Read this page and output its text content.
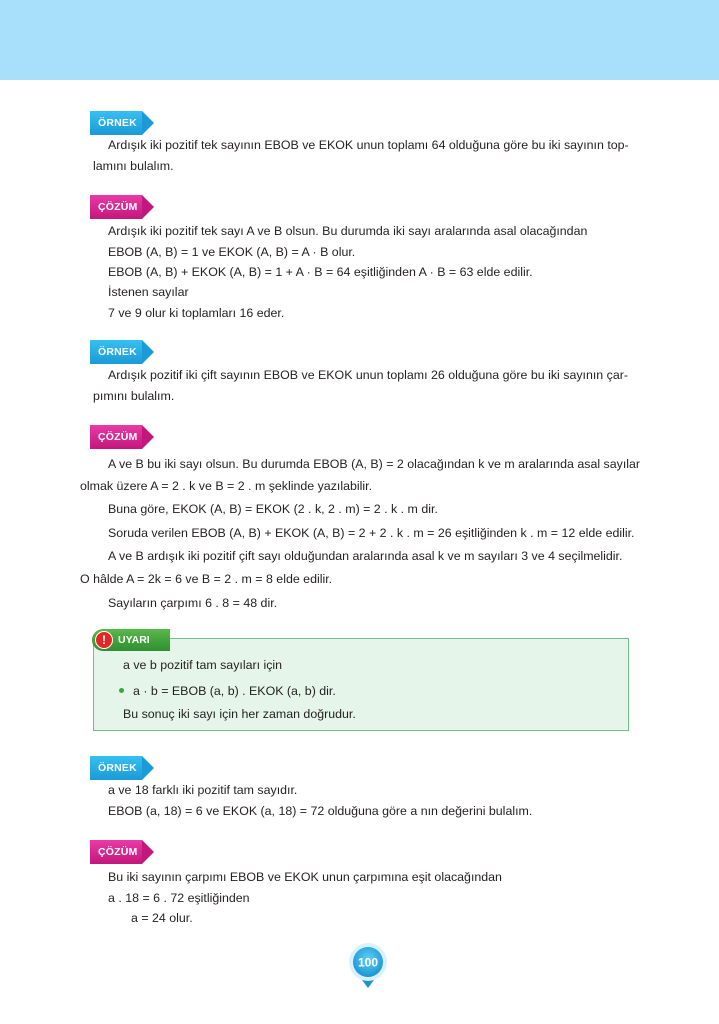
ÖRNEK
Ardışık iki pozitif tek sayının EBOB ve EKOK unun toplamı 64 olduğuna göre bu iki sayının top-
lamını bulalım.
ÇÖZÜM
Ardışık iki pozitif tek sayı A ve B olsun. Bu durumda iki sayı aralarında asal olacağından
EBOB (A, B) = 1 ve EKOK (A, B) = A · B olur.
EBOB (A, B) + EKOK (A, B) = 1 + A · B = 64 eşitliğinden A · B = 63 elde edilir.
İstenen sayılar
7 ve 9 olur ki toplamları 16 eder.
ÖRNEK
Ardışık pozitif iki çift sayının EBOB ve EKOK unun toplamı 26 olduğuna göre bu iki sayının çar-
pımını bulalım.
ÇÖZÜM
A ve B bu iki sayı olsun. Bu durumda EBOB (A, B) = 2 olacağından k ve m aralarında asal sayılar
olmak üzere A = 2 . k ve B = 2 . m şeklinde yazılabilir.
Buna göre, EKOK (A, B) = EKOK (2 . k, 2 . m) = 2 . k . m dir.
Soruda verilen EBOB (A, B) + EKOK (A, B) = 2 + 2 . k . m = 26 eşitliğinden k . m = 12 elde edilir.
A ve B ardışık iki pozitif çift sayı olduğundan aralarında asal k ve m sayıları 3 ve 4 seçilmelidir.
O hâlde A = 2k = 6 ve B = 2 . m = 8 elde edilir.
Sayıların çarpımı 6 . 8 = 48 dir.
!	UYARI
a ve b pozitif tam sayıları için
a · b = EBOB (a, b) . EKOK (a, b) dir.
Bu sonuç iki sayı için her zaman doğrudur.
ÖRNEK
a ve 18 farklı iki pozitif tam sayıdır.
EBOB (a, 18) = 6 ve EKOK (a, 18) = 72 olduğuna göre a nın değerini bulalım.
ÇÖZÜM
Bu iki sayının çarpımı EBOB ve EKOK unun çarpımına eşit olacağından
a . 18 = 6 . 72 eşitliğinden
a = 24 olur.
100
